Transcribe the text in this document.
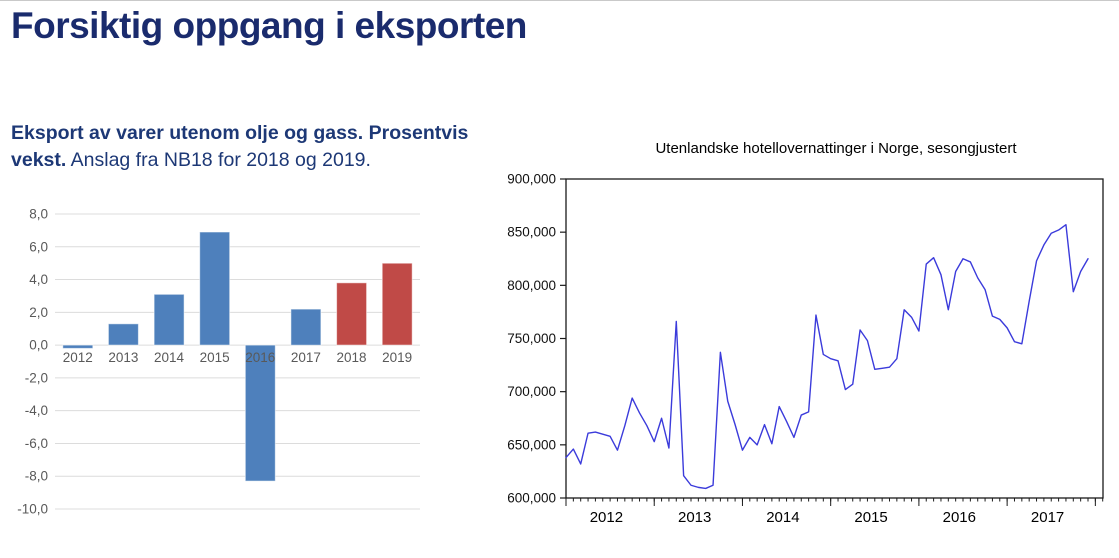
Forsiktig oppgang i eksporten
Eksport av varer utenom olje og gass. Prosentvis vekst. Anslag fra NB18 for 2018 og 2019.
8,0
6,0
4,0
2,0
0,0
-2,0
-4,0
-6,0
-8,0
-10,0
2012 2013 2014 2015 2016 2017 2018 2019
Utenlandske hotellovernattinger i Norge, sesongjustert
600,000
650,000
700,000
750,000
800,000
850,000
900,000
2012	2013	2014	2015	2016	2017
